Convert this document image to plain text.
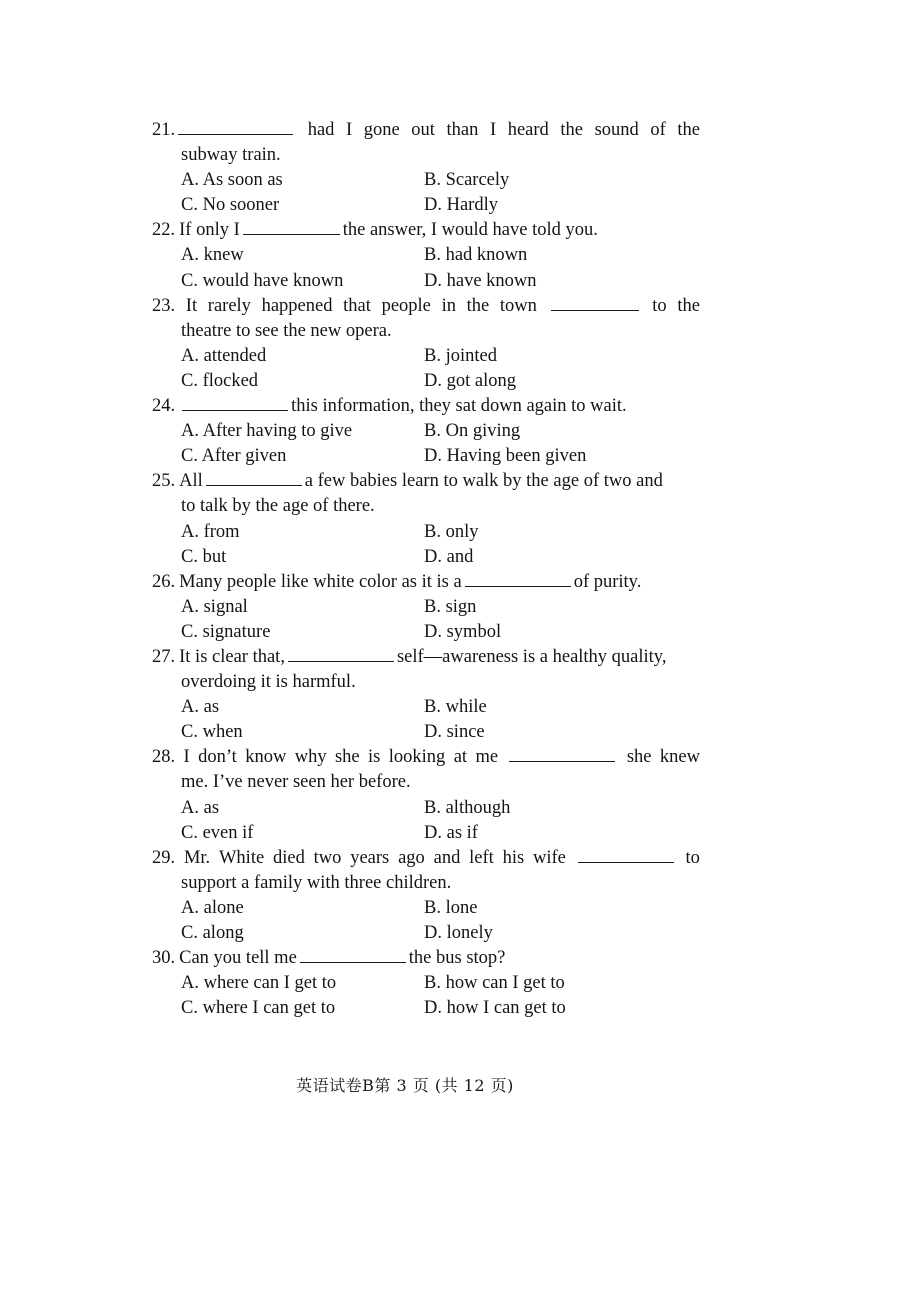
21.	had I gone out than I heard the sound of the
subway train.
A. As soon as	B. Scarcely
C. No sooner	D. Hardly
22. If only I	the answer, I would have told you.
A. knew	B. had known
C. would have known	D. have known
23. It rarely happened that people in the town	to the
theatre to see the new opera.
A. attended	B. jointed
C. flocked	D. got along
24.	this information, they sat down again to wait.
A. After having to give	B. On giving
C. After given	D. Having been given
25. All	a few babies learn to walk by the age of two and
to talk by the age of there.
A. from	B. only
C. but	D. and
26. Many people like white color as it is a	of purity.
A. signal	B. sign
C. signature	D. symbol
27. It is clear that,	self—awareness is a healthy quality,
overdoing it is harmful.
A. as	B. while
C. when	D. since
28. I don’t know why she is looking at me	she knew
me. I’ve never seen her before.
A. as	B. although
C. even if	D. as if
29. Mr. White died two years ago and left his wife	to
support a family with three children.
A. alone	B. lone
C. along	D. lonely
30. Can you tell me	the bus stop?
A. where can I get to	B. how can I get to
C. where I can get to	D. how I can get to
英语试卷B第 3 页 (共 12 页)
